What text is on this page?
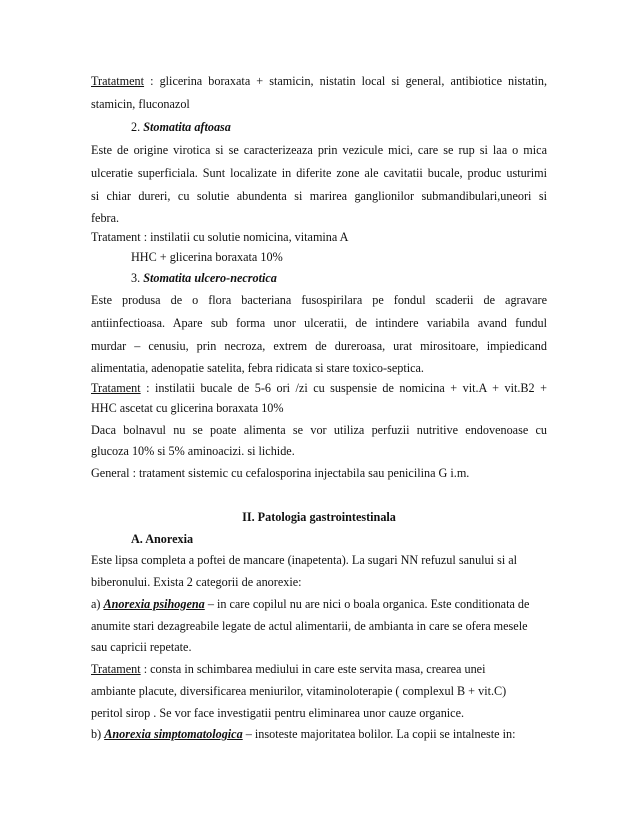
Tratatment : glicerina boraxata + stamicin, nistatin local si general, antibiotice nistatin,
stamicin, fluconazol
2. Stomatita aftoasa
Este de origine virotica si se caracterizeaza prin vezicule mici, care se rup si laa o mica
ulceratie superficiala. Sunt localizate in diferite zone ale cavitatii bucale, produc usturimi
si chiar dureri, cu solutie abundenta si marirea ganglionilor submandibulari,uneori si
febra.
Tratament : instilatii cu solutie nomicina, vitamina A
HHC + glicerina boraxata 10%
3. Stomatita ulcero-necrotica
Este produsa de o flora bacteriana fusospirilara pe fondul scaderii de agravare
antiinfectioasa. Apare sub forma unor ulceratii, de intindere variabila avand fundul
murdar – cenusiu, prin necroza, extrem de dureroasa, urat mirositoare, impiedicand
alimentatia, adenopatie satelita, febra ridicata si stare toxico-septica.
Tratament : instilatii bucale de 5-6 ori /zi cu suspensie de nomicina + vit.A + vit.B2 +
HHC ascetat cu glicerina boraxata 10%
Daca bolnavul nu se poate alimenta se vor utiliza perfuzii nutritive endovenoase cu
glucoza 10% si 5% aminoacizi. si lichide.
General : tratament sistemic cu cefalosporina injectabila sau penicilina G i.m.
II. Patologia gastrointestinala
A. Anorexia
Este lipsa completa a poftei de mancare (inapetenta). La sugari NN refuzul sanului si al
biberonului. Exista 2 categorii de anorexie:
a) Anorexia psihogena – in care copilul nu are nici o boala organica. Este conditionata de
anumite stari dezagreabile legate de actul alimentarii, de ambianta in care se ofera mesele
sau capricii repetate.
Tratament : consta in schimbarea mediului in care este servita masa, crearea unei
ambiante placute, diversificarea meniurilor, vitaminoloterapie ( complexul B + vit.C)
peritol sirop . Se vor face investigatii pentru eliminarea unor cauze organice.
b) Anorexia simptomatologica – insoteste majoritatea bolilor. La copii se intalneste in:
